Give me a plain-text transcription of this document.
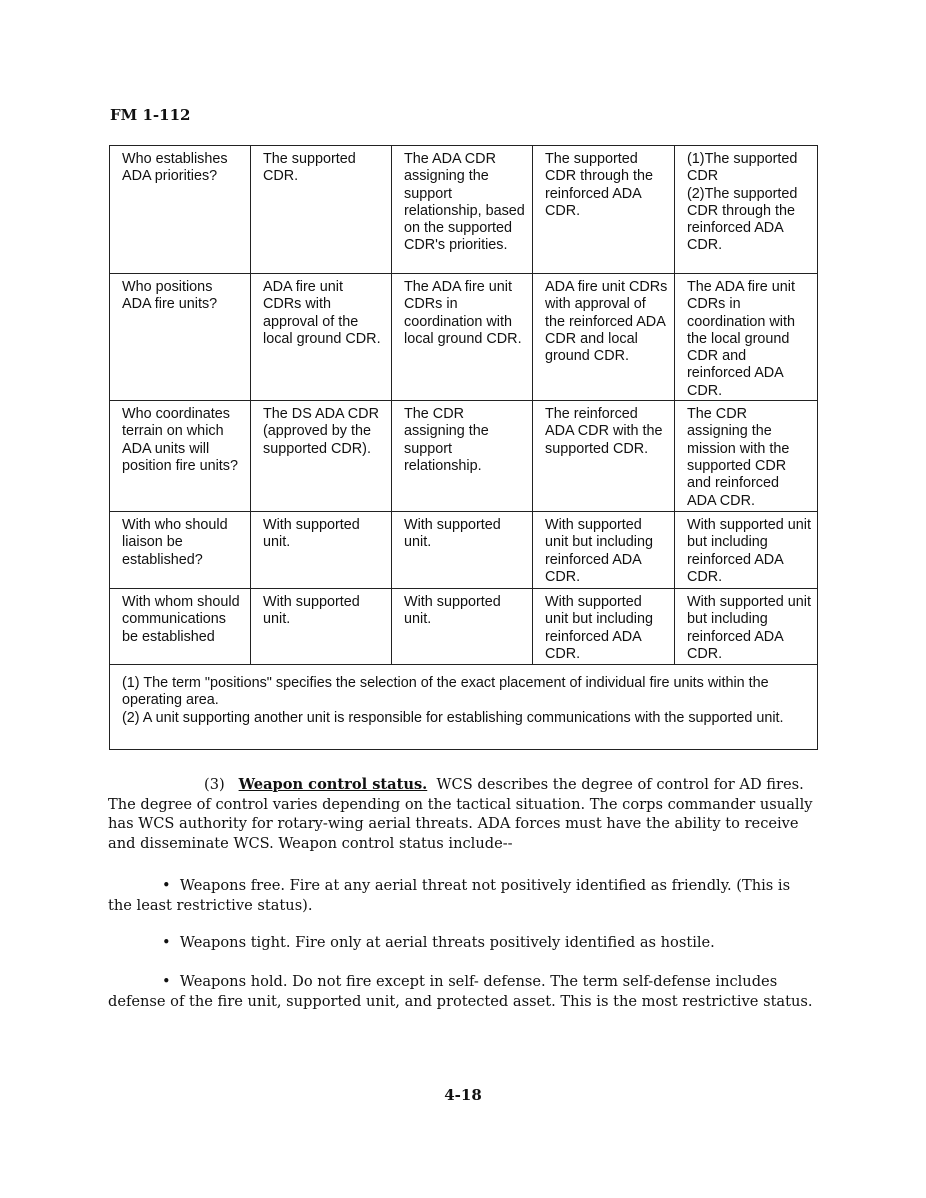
FM 1-112
Who establishes ADA priorities?	The supported CDR.	The ADA CDR assigning the support relationship, based on the supported CDR's priorities.	The supported CDR through the reinforced ADA CDR.	(1)The supported CDR
(2)The supported CDR through the reinforced ADA CDR.

Who positions ADA fire units?	ADA fire unit CDRs with approval of the local ground CDR.	The ADA fire unit CDRs in coordination with local ground CDR.	ADA fire unit CDRs with approval of the reinforced ADA CDR and local ground CDR.	The ADA fire unit CDRs in coordination with the local ground CDR and reinforced ADA CDR.
Who coordinates terrain on which ADA units will position fire units?	The DS ADA CDR (approved by the supported CDR).	The CDR assigning the support relationship.	The reinforced ADA CDR with the supported CDR.	The CDR assigning the mission with the supported CDR and reinforced ADA CDR.
With who should liaison be established?	With supported unit.	With supported unit.	With supported unit but including reinforced ADA CDR.	With supported unit but including reinforced ADA CDR.
With whom should communications be established	With supported unit.	With supported unit.	With supported unit but including reinforced ADA CDR.	With supported unit but including reinforced ADA CDR.

(1) The term "positions" specifies the selection of the exact placement of individual fire units within the operating area.
(2) A unit supporting another unit is responsible for establishing communications with the supported unit.				
(3) Weapon control status. WCS describes the degree of control for AD fires. The degree of control varies depending on the tactical situation. The corps commander usually has WCS authority for rotary-wing aerial threats. ADA forces must have the ability to receive and disseminate WCS. Weapon control status include--
• Weapons free. Fire at any aerial threat not positively identified as friendly. (This is the least restrictive status).
• Weapons tight. Fire only at aerial threats positively identified as hostile.
• Weapons hold. Do not fire except in self- defense. The term self-defense includes defense of the fire unit, supported unit, and protected asset. This is the most restrictive status.
4-18
